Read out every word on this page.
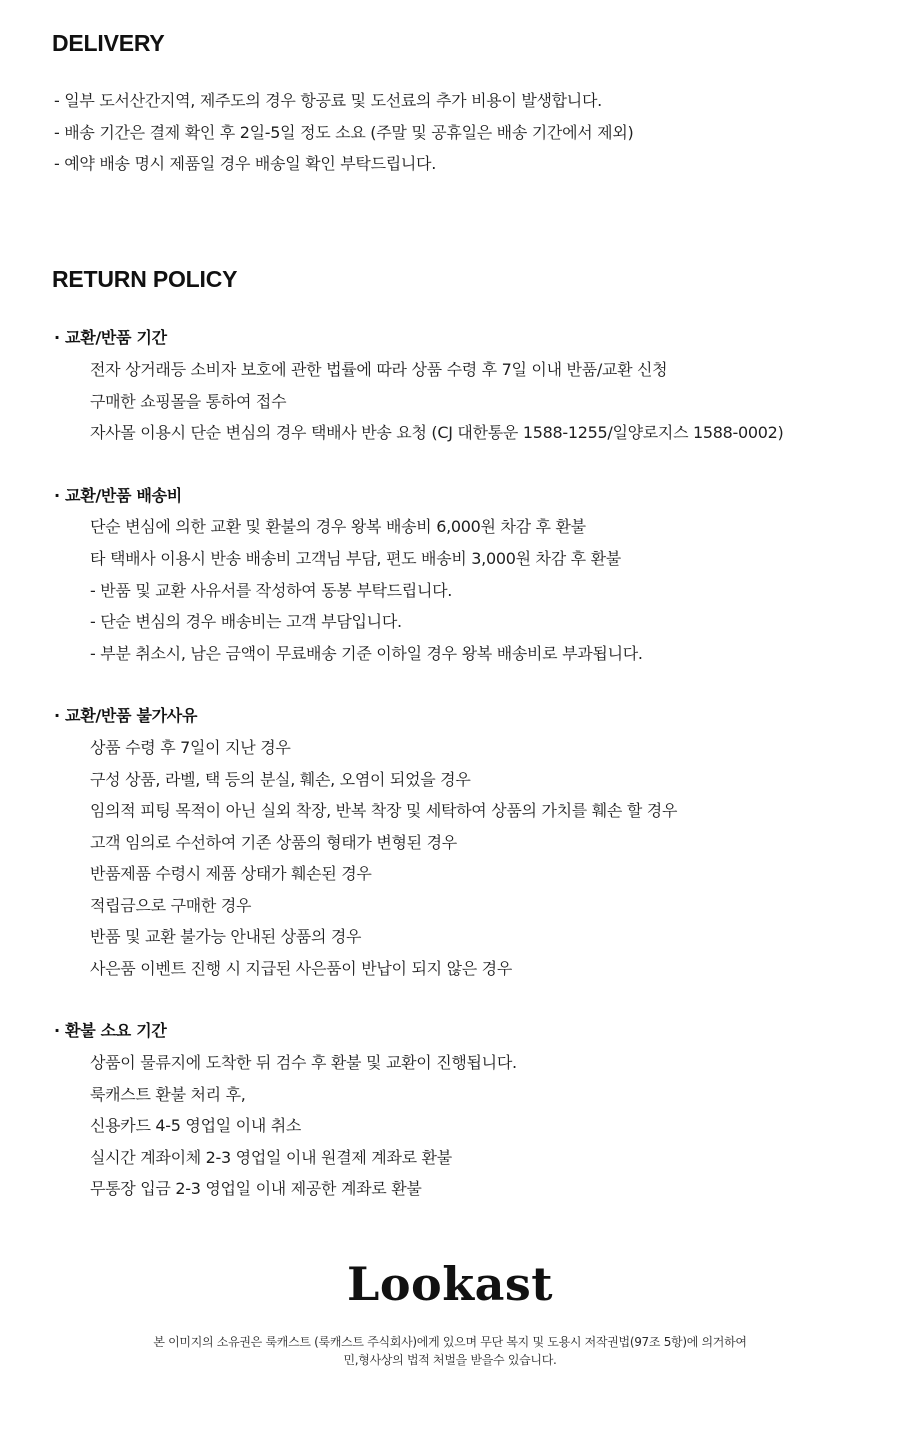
DELIVERY

- 일부 도서산간지역, 제주도의 경우 항공료 및 도선료의 추가 비용이 발생합니다.

- 배송 기간은 결제 확인 후 2일-5일 정도 소요 (주말 및 공휴일은 배송 기간에서 제외)

- 예약 배송 명시 제품일 경우 배송일 확인 부탁드립니다.

RETURN POLICY

· 교환/반품 기간

전자 상거래등 소비자 보호에 관한 법률에 따라 상품 수령 후 7일 이내 반품/교환 신청

구매한 쇼핑몰을 통하여 접수

자사몰 이용시 단순 변심의 경우 택배사 반송 요청 (CJ 대한통운 1588-1255/일양로지스 1588-0002)

· 교환/반품 배송비

단순 변심에 의한 교환 및 환불의 경우 왕복 배송비 6,000원 차감 후 환불

타 택배사 이용시 반송 배송비 고객님 부담, 편도 배송비 3,000원 차감 후 환불

- 반품 및 교환 사유서를 작성하여 동봉 부탁드립니다.

- 단순 변심의 경우 배송비는 고객 부담입니다.

- 부분 취소시, 남은 금액이 무료배송 기준 이하일 경우 왕복 배송비로 부과됩니다.

· 교환/반품 불가사유

상품 수령 후 7일이 지난 경우

구성 상품, 라벨, 택 등의 분실, 훼손, 오염이 되었을 경우

임의적 피팅 목적이 아닌 실외 착장, 반복 착장 및 세탁하여 상품의 가치를 훼손 할 경우

고객 임의로 수선하여 기존 상품의 형태가 변형된 경우

반품제품 수령시 제품 상태가 훼손된 경우

적립금으로 구매한 경우

반품 및 교환 불가능 안내된 상품의 경우

사은품 이벤트 진행 시 지급된 사은품이 반납이 되지 않은 경우

· 환불 소요 기간

상품이 물류지에 도착한 뒤 검수 후 환불 및 교환이 진행됩니다.

룩캐스트 환불 처리 후,

신용카드 4-5 영업일 이내 취소

실시간 계좌이체 2-3 영업일 이내 원결제 계좌로 환불

무통장 입금 2-3 영업일 이내 제공한 계좌로 환불

Lookast

본 이미지의 소유권은 룩캐스트 (룩캐스트 주식회사)에게 있으며 무단 복지 및 도용시 저작권법(97조 5항)에 의거하여

민,형사상의 법적 처벌을 받을수 있습니다.
